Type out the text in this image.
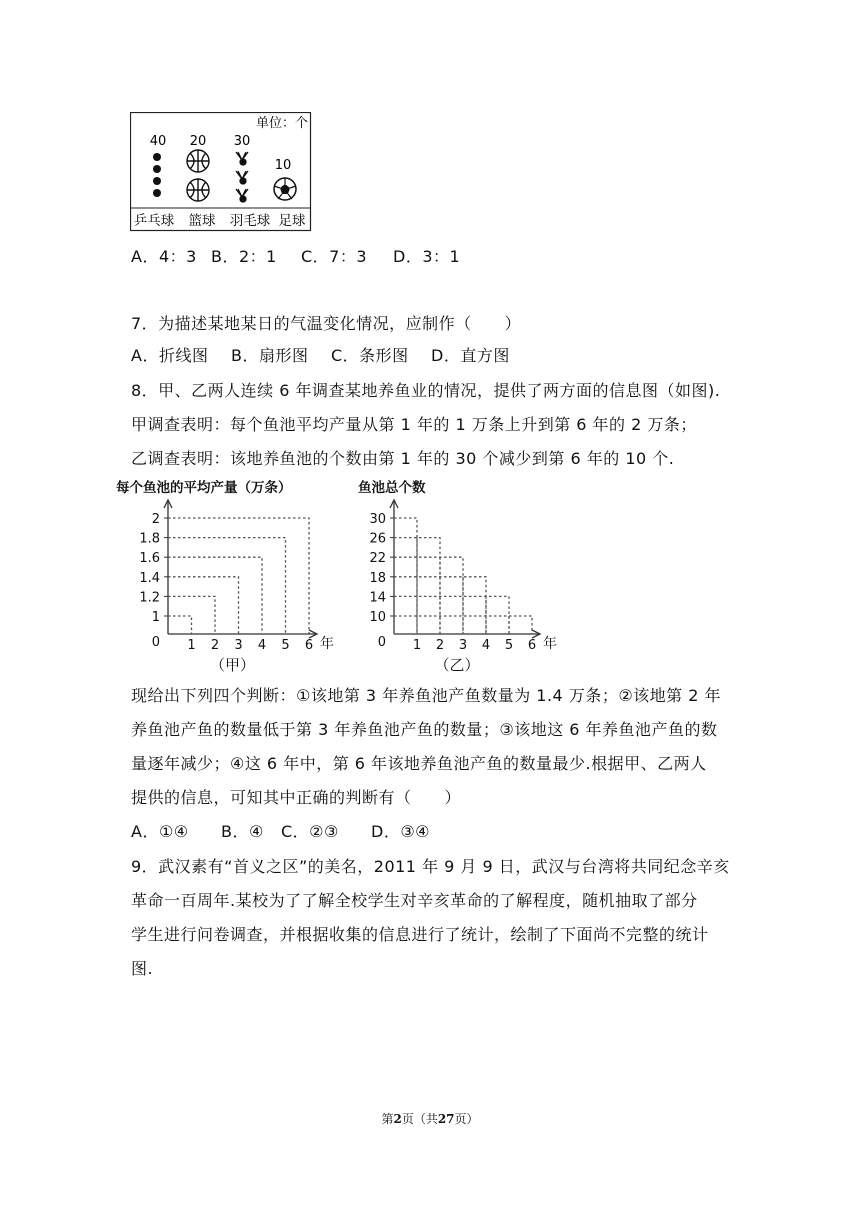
单位：个
40 20 30
10
乒乓球 篮球 羽毛球 足球
A．4：3 B．2：1 C．7：3 D．3：1
7．为描述某地某日的气温变化情况，应制作（　　）
A．折线图 B．扇形图 C．条形图 D．直方图
8．甲、乙两人连续 6 年调查某地养鱼业的情况，提供了两方面的信息图（如图).
甲调查表明：每个鱼池平均产量从第 1 年的 1 万条上升到第 6 年的 2 万条；
乙调查表明：该地养鱼池的个数由第 1 年的 30 个减少到第 6 年的 10 个.
每个鱼池的平均产量（万条）
年
0
1
1.2
1.4
1.6
1.8
2
1 2 3 4 5 6
（甲）
鱼池总个数
年
0
10
14
18
22
26
30
1 2 3 4 5 6
（乙）
现给出下列四个判断：①该地第 3 年养鱼池产鱼数量为 1.4 万条；②该地第 2 年
养鱼池产鱼的数量低于第 3 年养鱼池产鱼的数量；③该地这 6 年养鱼池产鱼的数
量逐年减少；④这 6 年中，第 6 年该地养鱼池产鱼的数量最少.根据甲、乙两人
提供的信息，可知其中正确的判断有（　　）
A．①④ B．④ C．②③ D．③④
9．武汉素有“首义之区”的美名，2011 年 9 月 9 日，武汉与台湾将共同纪念辛亥
革命一百周年.某校为了了解全校学生对辛亥革命的了解程度，随机抽取了部分
学生进行问卷调查，并根据收集的信息进行了统计，绘制了下面尚不完整的统计
图.
第2页（共27页）
